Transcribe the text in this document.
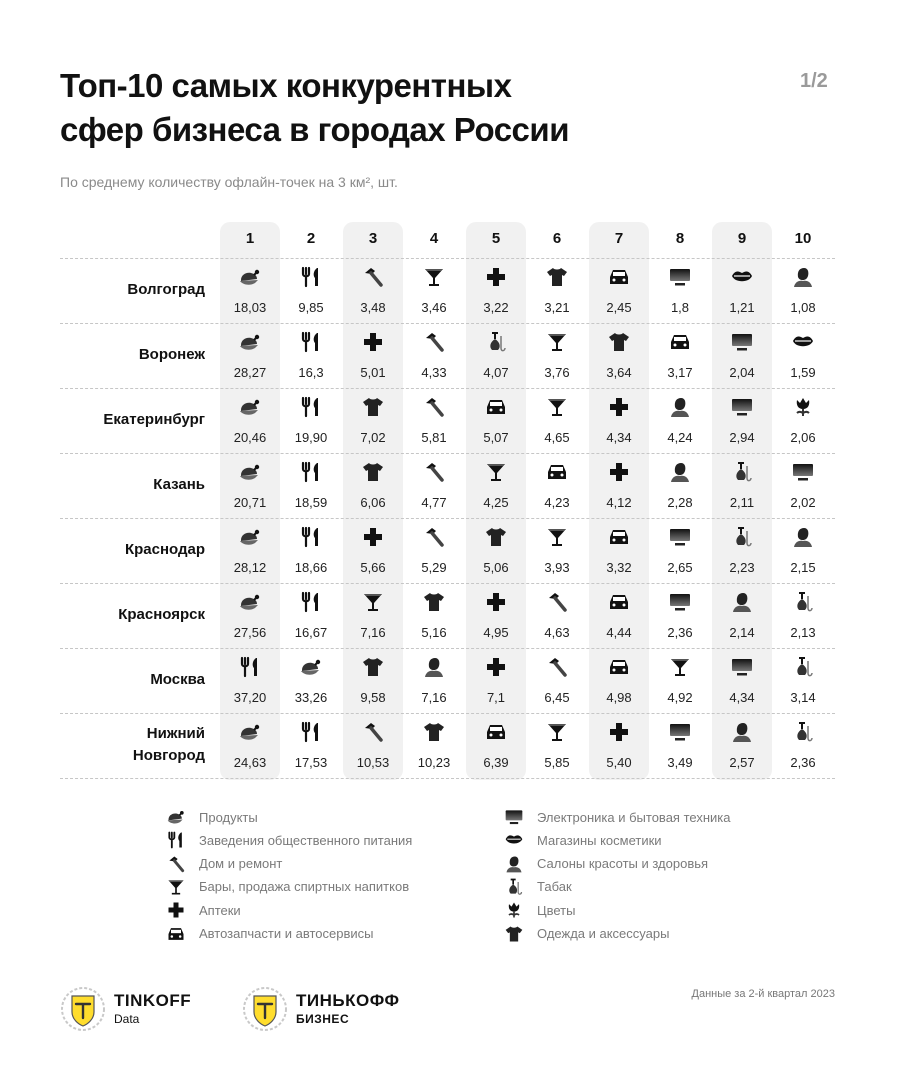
Топ-10 самых конкурентных
сфер бизнеса в городах России
1/2
По среднему количеству офлайн-точек на 3 км², шт.
1	2	3	4	5	6	7	8	9	10
Волгоград
18,03	9,85	3,48	3,46	3,22	3,21	2,45	1,8	1,21	1,08
Воронеж
28,27	16,3	5,01	4,33	4,07	3,76	3,64	3,17	2,04	1,59
Екатеринбург
20,46	19,90	7,02	5,81	5,07	4,65	4,34	4,24	2,94	2,06
Казань
20,71	18,59	6,06	4,77	4,25	4,23	4,12	2,28	2,11	2,02
Краснодар
28,12	18,66	5,66	5,29	5,06	3,93	3,32	2,65	2,23	2,15
Красноярск
27,56	16,67	7,16	5,16	4,95	4,63	4,44	2,36	2,14	2,13
Москва
37,20	33,26	9,58	7,16	7,1	6,45	4,98	4,92	4,34	3,14
Нижний
Новгород	24,63	17,53	10,53	10,23	6,39	5,85	5,40	3,49	2,57	2,36
Продукты
Заведения общественного питания
Дом и ремонт
Бары, продажа спиртных напитков
Аптеки
Автозапчасти и автосервисы
Электроника и бытовая техника
Магазины косметики
Салоны красоты и здоровья
Табак
Цветы
Одежда и аксессуары
TINKOFF
Data
ТИНЬКОФФ
БИЗНЕС
Данные за 2-й квартал 2023
